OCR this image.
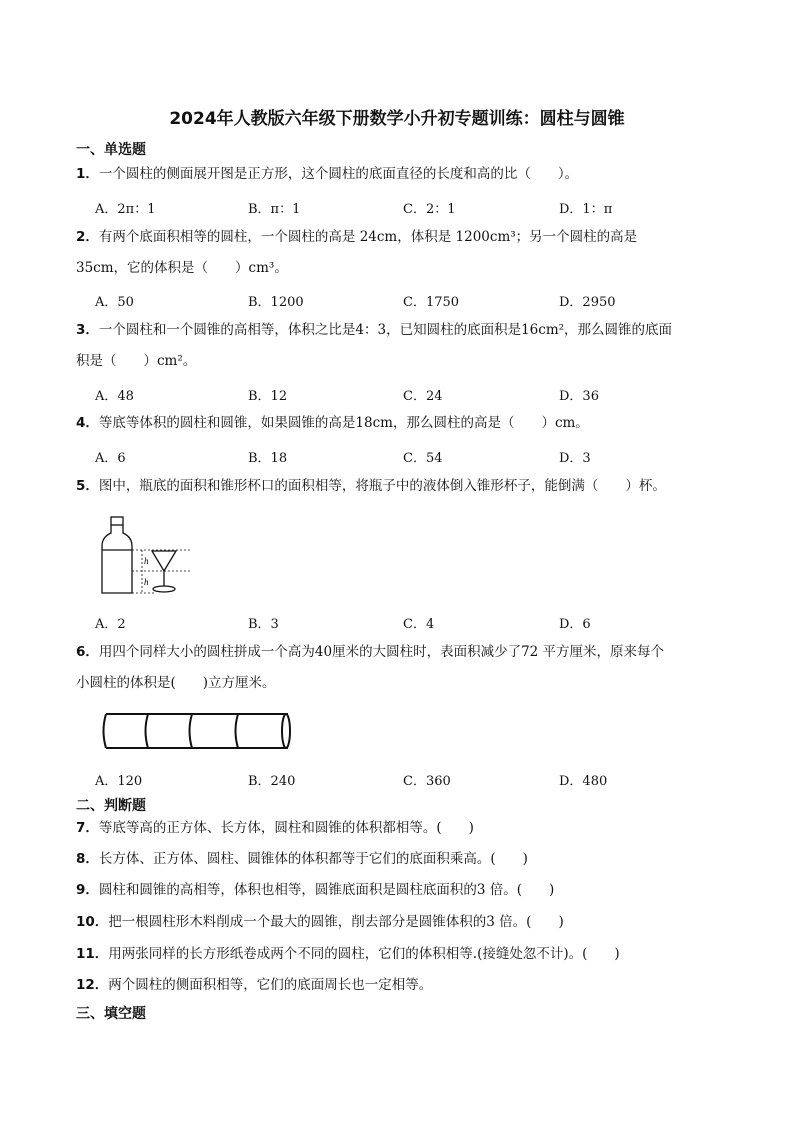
2024年人教版六年级下册数学小升初专题训练：圆柱与圆锥
一、单选题
1．一个圆柱的侧面展开图是正方形，这个圆柱的底面直径的长度和高的比（　　）。
A．2π：1	B．π：1	C．2：1	D．1：π
2．有两个底面积相等的圆柱，一个圆柱的高是 24cm，体积是 1200cm³；另一个圆柱的高是
35cm，它的体积是（　　）cm³。
A．50	B．1200	C．1750	D．2950
3．一个圆柱和一个圆锥的高相等，体积之比是4：3，已知圆柱的底面积是16cm²，那么圆锥的底面
积是（　　）cm²。
A．48	B．12	C．24	D．36
4．等底等体积的圆柱和圆锥，如果圆锥的高是18cm，那么圆柱的高是（　　）cm。
A．6	B．18	C．54	D．3
5．图中，瓶底的面积和锥形杯口的面积相等，将瓶子中的液体倒入锥形杯子，能倒满（　　）杯。
h
h
A．2	B．3	C．4	D．6
6．用四个同样大小的圆柱拼成一个高为40厘米的大圆柱时，表面积减少了72 平方厘米，原来每个
小圆柱的体积是(　　)立方厘米。
A．120	B．240	C．360	D．480
二、判断题
7．等底等高的正方体、长方体，圆柱和圆锥的体积都相等。(　　)
8．长方体、正方体、圆柱、圆锥体的体积都等于它们的底面积乘高。(　　)
9．圆柱和圆锥的高相等，体积也相等，圆锥底面积是圆柱底面积的3 倍。(　　)
10．把一根圆柱形木料削成一个最大的圆锥，削去部分是圆锥体积的3 倍。(　　)
11．用两张同样的长方形纸卷成两个不同的圆柱，它们的体积相等.(接缝处忽不计)。(　　)
12．两个圆柱的侧面积相等，它们的底面周长也一定相等。
三、填空题
